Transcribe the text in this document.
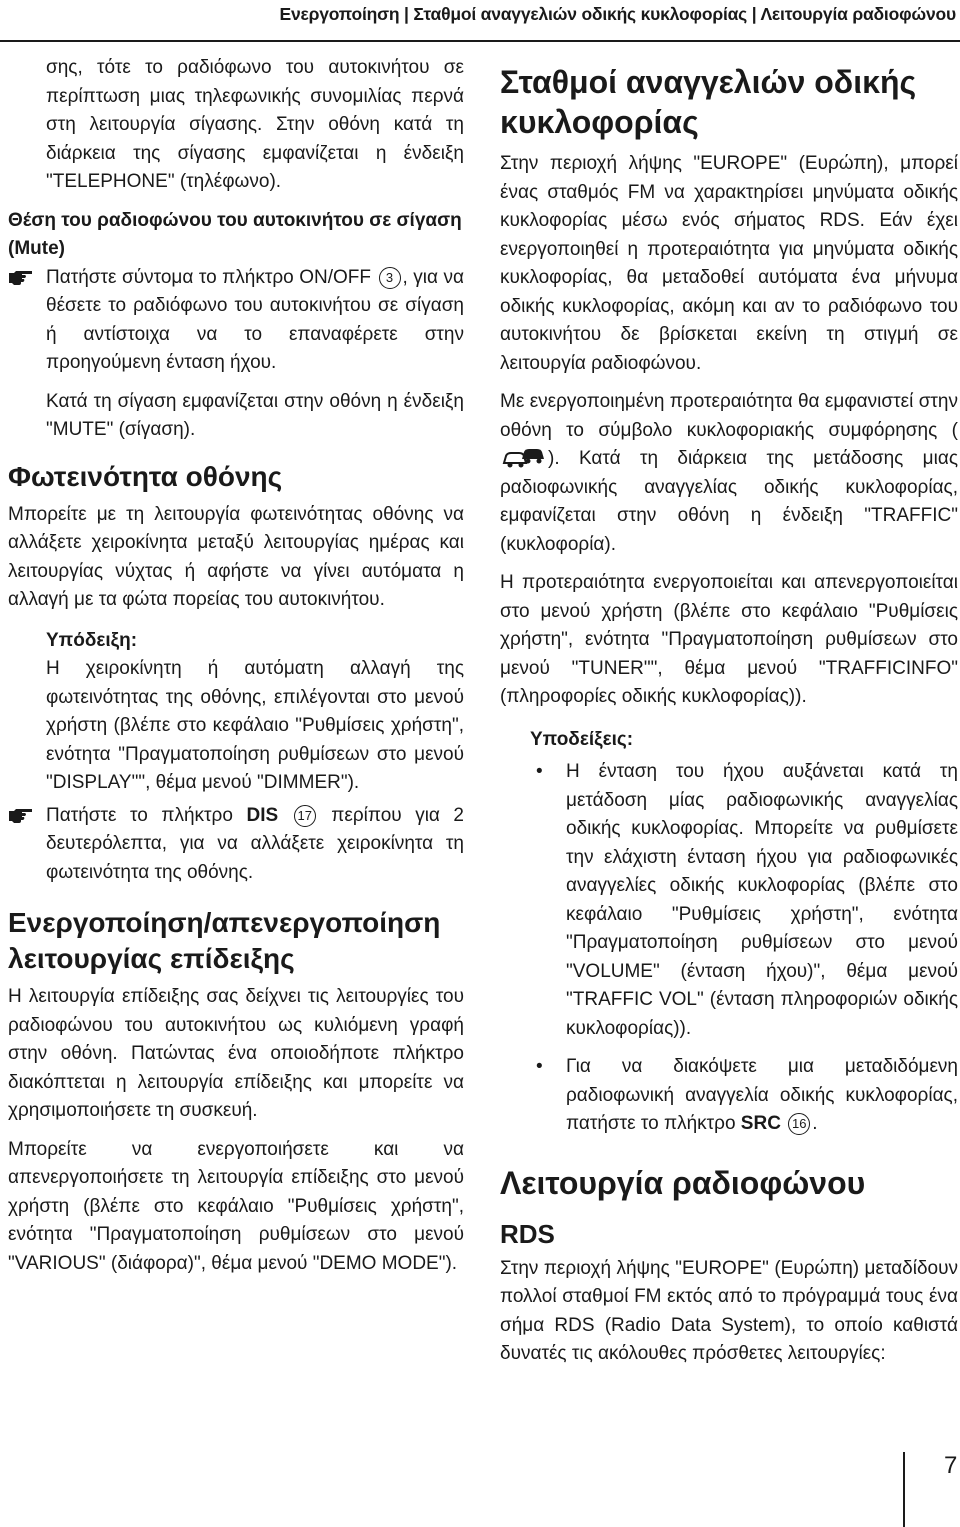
Ενεργοποίηση | Σταθμοί αναγγελιών οδικής κυκλοφορίας | Λειτουργία ραδιοφώνου

σης, τότε το ραδιόφωνο του αυτοκινήτου σε περίπτωση μιας τηλεφωνικής συνομιλίας περνά στη λειτουργία σίγασης. Στην οθόνη κατά τη διάρκεια της σίγασης εμφανίζεται η ένδειξη "TELEPHONE" (τηλέφωνο).

Θέση του ραδιοφώνου του αυτοκινήτου σε σίγαση (Mute)

Πατήστε σύντομα το πλήκτρο ON/OFF 3 , για να θέσετε το ραδιόφωνο του αυτοκινήτου σε σίγαση ή αντίστοιχα να το επαναφέρετε στην προηγούμενη ένταση ήχου.

Κατά τη σίγαση εμφανίζεται στην οθόνη η ένδειξη "MUTE" (σίγαση).

Φωτεινότητα οθόνης

Μπορείτε με τη λειτουργία φωτεινότητας οθόνης να αλλάξετε χειροκίνητα μεταξύ λειτουργίας ημέρας και λειτουργίας νύχτας ή αφήστε να γίνει αυτόματα η αλλαγή με τα φώτα πορείας του αυτοκινήτου.

Υπόδειξη:

Η χειροκίνητη ή αυτόματη αλλαγή της φωτεινότητας της οθόνης, επιλέγονται στο μενού χρήστη (βλέπε στο κεφάλαιο "Ρυθμίσεις χρήστη", ενότητα "Πραγματοποίηση ρυθμίσεων στο μενού "DISPLAY"", θέμα μενού "DIMMER").

Πατήστε το πλήκτρο DIS 17 περίπου για 2 δευτερόλεπτα, για να αλλάξετε χειροκίνητα τη φωτεινότητα της οθόνης.

Ενεργοποίηση/απενεργοποίηση λειτουργίας επίδειξης

Η λειτουργία επίδειξης σας δείχνει τις λειτουργίες του ραδιοφώνου του αυτοκινήτου ως κυλιόμενη γραφή στην οθόνη. Πατώντας ένα οποιοδήποτε πλήκτρο διακόπτεται η λειτουργία επίδειξης και μπορείτε να χρησιμοποιήσετε τη συσκευή.

Μπορείτε να ενεργοποιήσετε και να απενεργοποιήσετε τη λειτουργία επίδειξης στο μενού χρήστη (βλέπε στο κεφάλαιο "Ρυθμίσεις χρήστη", ενότητα "Πραγματοποίηση ρυθμίσεων στο μενού "VARIOUS" (διάφορα)", θέμα μενού "DEMO MODE").

Σταθμοί αναγγελιών οδικής κυκλοφορίας

Στην περιοχή λήψης "EUROPE" (Ευρώπη), μπορεί ένας σταθμός FM να χαρακτηρίσει μηνύματα οδικής κυκλοφορίας μέσω ενός σήματος RDS. Εάν έχει ενεργοποιηθεί η προτεραιότητα για μηνύματα οδικής κυκλοφορίας, θα μεταδοθεί αυτόματα ένα μήνυμα οδικής κυκλοφορίας, ακόμη και αν το ραδιόφωνο του αυτοκινήτου δε βρίσκεται εκείνη τη στιγμή σε λειτουργία ραδιοφώνου.

Με ενεργοποιημένη προτεραιότητα θα εμφανιστεί στην οθόνη το σύμβολο κυκλοφοριακής συμφόρησης (). Κατά τη διάρκεια της μετάδοσης μιας ραδιοφωνικής αναγγελίας οδικής κυκλοφορίας, εμφανίζεται στην οθόνη η ένδειξη "TRAFFIC" (κυκλοφορία).

Η προτεραιότητα ενεργοποιείται και απενεργοποιείται στο μενού χρήστη (βλέπε στο κεφάλαιο "Ρυθμίσεις χρήστη", ενότητα "Πραγματοποίηση ρυθμίσεων στο μενού "TUNER"", θέμα μενού "TRAFFICINFO" (πληροφορίες οδικής κυκλοφορίας)).

Υποδείξεις:

• Η ένταση του ήχου αυξάνεται κατά τη μετάδοση μίας ραδιοφωνικής αναγγελίας οδικής κυκλοφορίας. Μπορείτε να ρυθμίσετε την ελάχιστη ένταση ήχου για ραδιοφωνικές αναγγελίες οδικής κυκλοφορίας (βλέπε στο κεφάλαιο "Ρυθμίσεις χρήστη", ενότητα "Πραγματοποίηση ρυθμίσεων στο μενού "VOLUME" (ένταση ήχου)", θέμα μενού "TRAFFIC VOL" (ένταση πληροφοριών οδικής κυκλοφορίας)).
• Για να διακόψετε μια μεταδιδόμενη ραδιοφωνική αναγγελία οδικής κυκλοφορίας, πατήστε το πλήκτρο SRC 16 .

Λειτουργία ραδιοφώνου

RDS

Στην περιοχή λήψης "EUROPE" (Ευρώπη) μεταδίδουν πολλοί σταθμοί FM εκτός από το πρόγραμμά τους ένα σήμα RDS (Radio Data System), το οποίο καθιστά δυνατές τις ακόλουθες πρόσθετες λειτουργίες:

7
